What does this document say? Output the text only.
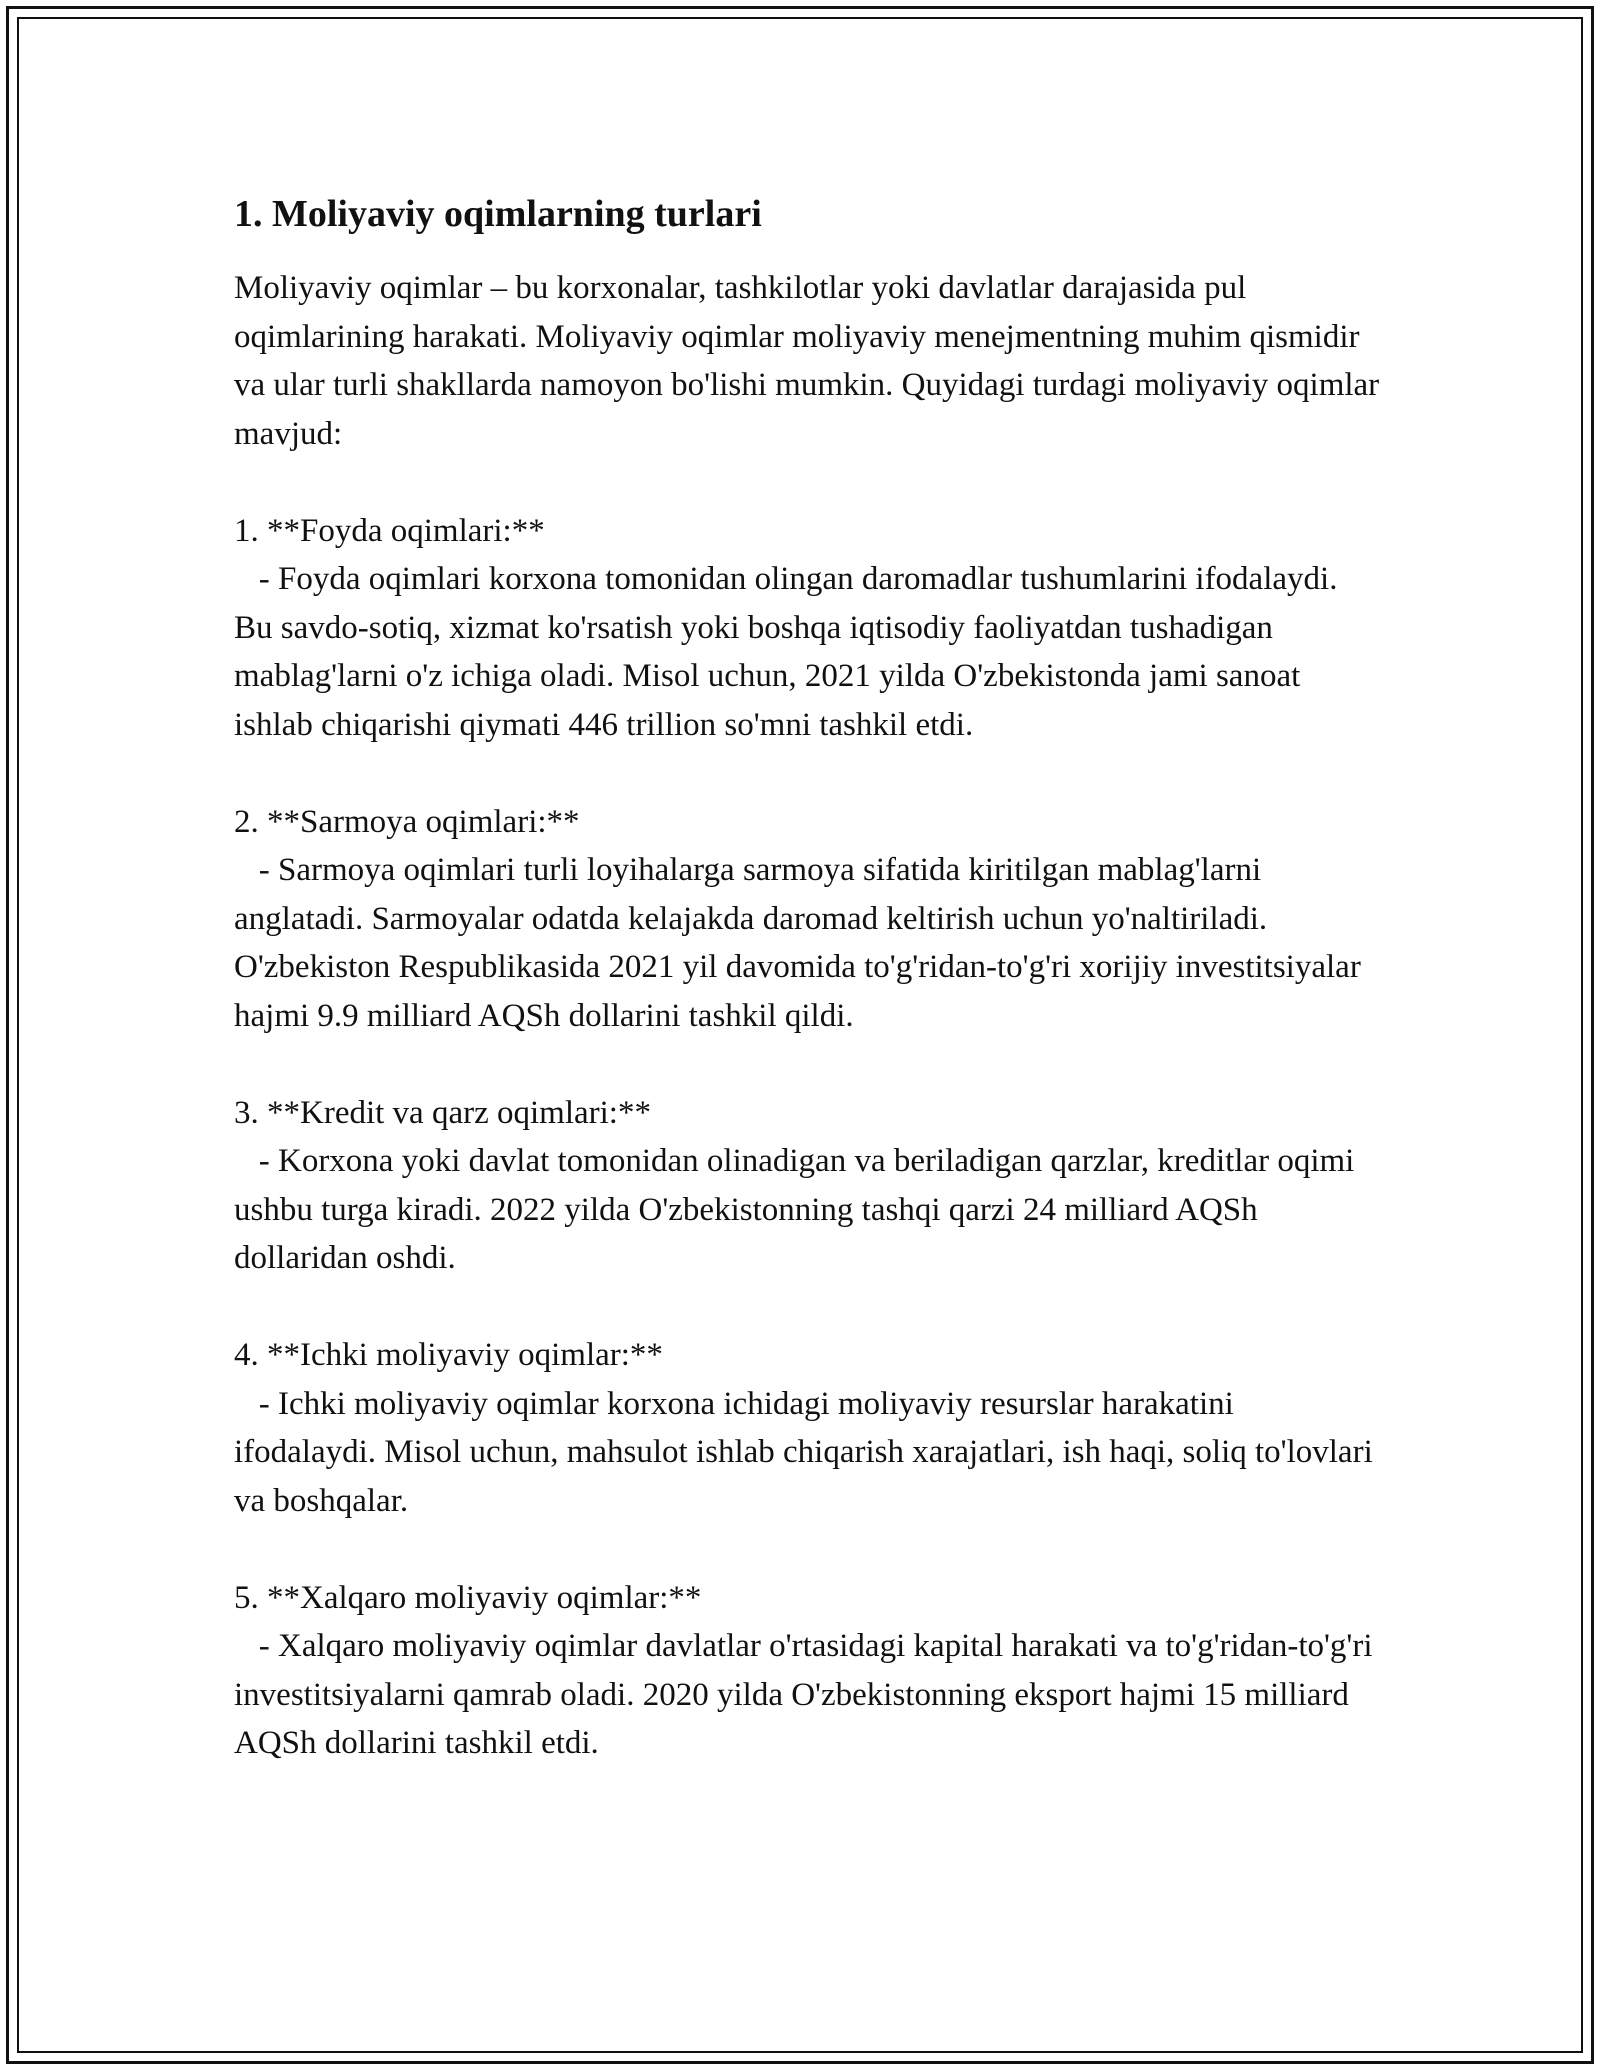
1. Moliyaviy oqimlarning turlari

Moliyaviy oqimlar – bu korxonalar, tashkilotlar yoki davlatlar darajasida pul oqimlarining harakati. Moliyaviy oqimlar moliyaviy menejmentning muhim qismidir va ular turli shakllarda namoyon bo'lishi mumkin. Quyidagi turdagi moliyaviy oqimlar mavjud:

1. **Foyda oqimlari:**

- Foyda oqimlari korxona tomonidan olingan daromadlar tushumlarini ifodalaydi. Bu savdo-sotiq, xizmat ko'rsatish yoki boshqa iqtisodiy faoliyatdan tushadigan mablag'larni o'z ichiga oladi. Misol uchun, 2021 yilda O'zbekistonda jami sanoat ishlab chiqarishi qiymati 446 trillion so'mni tashkil etdi.

2. **Sarmoya oqimlari:**

- Sarmoya oqimlari turli loyihalarga sarmoya sifatida kiritilgan mablag'larni anglatadi. Sarmoyalar odatda kelajakda daromad keltirish uchun yo'naltiriladi. O'zbekiston Respublikasida 2021 yil davomida to'g'ridan-to'g'ri xorijiy investitsiyalar hajmi 9.9 milliard AQSh dollarini tashkil qildi.

3. **Kredit va qarz oqimlari:**

- Korxona yoki davlat tomonidan olinadigan va beriladigan qarzlar, kreditlar oqimi ushbu turga kiradi. 2022 yilda O'zbekistonning tashqi qarzi 24 milliard AQSh dollaridan oshdi.

4. **Ichki moliyaviy oqimlar:**

- Ichki moliyaviy oqimlar korxona ichidagi moliyaviy resurslar harakatini ifodalaydi. Misol uchun, mahsulot ishlab chiqarish xarajatlari, ish haqi, soliq to'lovlari va boshqalar.

5. **Xalqaro moliyaviy oqimlar:**

- Xalqaro moliyaviy oqimlar davlatlar o'rtasidagi kapital harakati va to'g'ridan-to'g'ri investitsiyalarni qamrab oladi. 2020 yilda O'zbekistonning eksport hajmi 15 milliard AQSh dollarini tashkil etdi.
